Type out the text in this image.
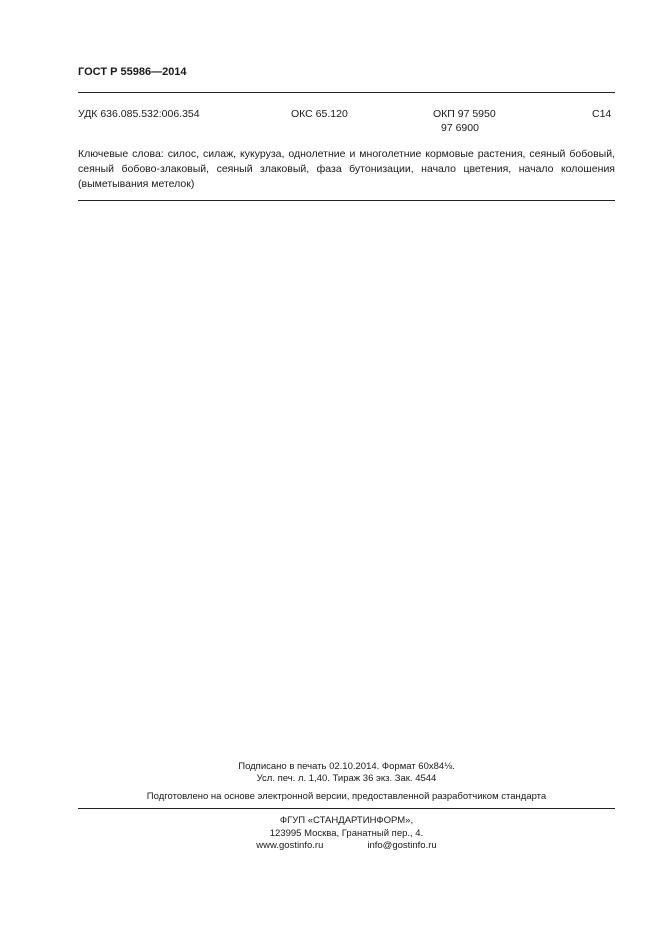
ГОСТ Р 55986—2014
УДК 636.085.532:006.354	ОКС 65.120	ОКП 97 5950
97 6900
С14
Ключевые слова: силос, силаж, кукуруза, однолетние и многолетние кормовые растения, сеяный бобовый, сеяный бобово-злаковый, сеяный злаковый, фаза бутонизации, начало цветения, начало колошения (выметывания метелок)
Подписано в печать 02.10.2014. Формат 60x84⅛.
Усл. печ. л. 1,40. Тираж 36 экз. Зак. 4544
Подготовлено на основе электронной версии, предоставленной разработчиком стандарта
ФГУП «СТАНДАРТИНФОРМ»,
123995 Москва, Гранатный пер., 4.
www.gostinfo.ru	info@gostinfo.ru
